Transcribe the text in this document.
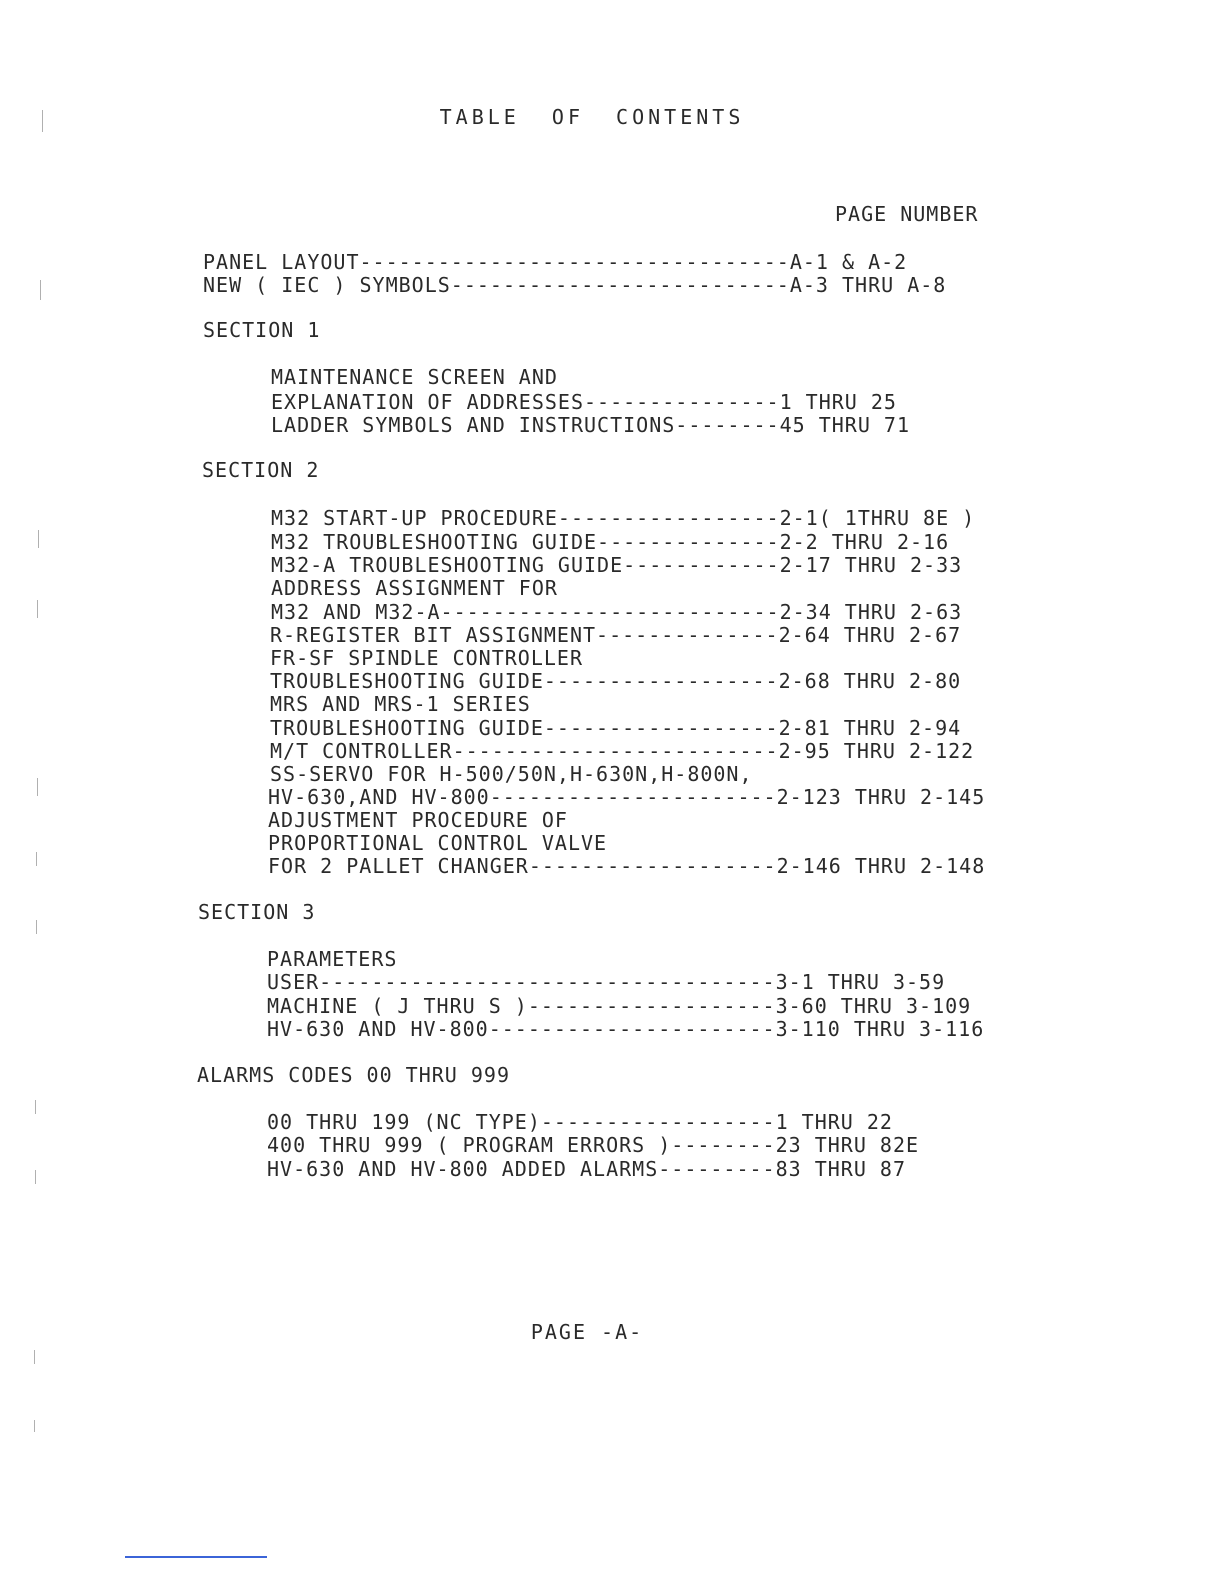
TABLE  OF  CONTENTS
PAGE NUMBER
PANEL LAYOUT---------------------------------A-1 & A-2
NEW ( IEC ) SYMBOLS--------------------------A-3 THRU A-8
SECTION 1
MAINTENANCE SCREEN AND
EXPLANATION OF ADDRESSES---------------1 THRU 25
LADDER SYMBOLS AND INSTRUCTIONS--------45 THRU 71
SECTION 2
M32 START-UP PROCEDURE-----------------2-1( 1THRU 8E )
M32 TROUBLESHOOTING GUIDE--------------2-2 THRU 2-16
M32-A TROUBLESHOOTING GUIDE------------2-17 THRU 2-33
ADDRESS ASSIGNMENT FOR
M32 AND M32-A--------------------------2-34 THRU 2-63
R-REGISTER BIT ASSIGNMENT--------------2-64 THRU 2-67
FR-SF SPINDLE CONTROLLER
TROUBLESHOOTING GUIDE------------------2-68 THRU 2-80
MRS AND MRS-1 SERIES
TROUBLESHOOTING GUIDE------------------2-81 THRU 2-94
M/T CONTROLLER-------------------------2-95 THRU 2-122
SS-SERVO FOR H-500/50N,H-630N,H-800N,
HV-630,AND HV-800----------------------2-123 THRU 2-145
ADJUSTMENT PROCEDURE OF
PROPORTIONAL CONTROL VALVE
FOR 2 PALLET CHANGER-------------------2-146 THRU 2-148
SECTION 3
PARAMETERS
USER-----------------------------------3-1 THRU 3-59
MACHINE ( J THRU S )-------------------3-60 THRU 3-109
HV-630 AND HV-800----------------------3-110 THRU 3-116
ALARMS CODES 00 THRU 999
00 THRU 199 (NC TYPE)------------------1 THRU 22
400 THRU 999 ( PROGRAM ERRORS )--------23 THRU 82E
HV-630 AND HV-800 ADDED ALARMS---------83 THRU 87
PAGE -A-
